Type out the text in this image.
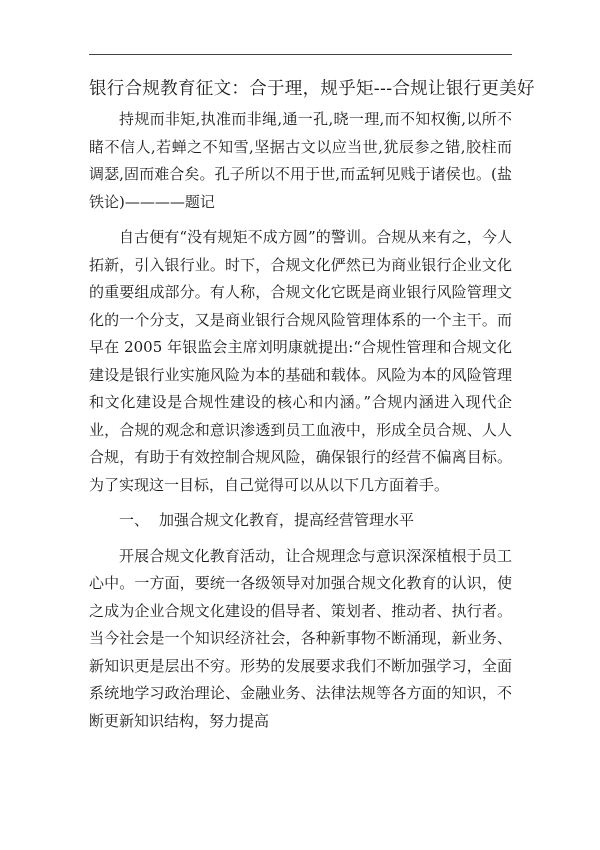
银行合规教育征文：合于理，规乎矩---合规让银行更美好

持规而非矩,执准而非绳,通一孔,晓一理,而不知权衡,以所不睹不信人,若蝉之不知雪,坚据古文以应当世,犹辰参之错,胶柱而调瑟,固而难合矣。孔子所以不用于世,而孟轲见贱于诸侯也。(盐铁论)————题记

自古便有“没有规矩不成方圆”的警训。合规从来有之，今人拓新，引入银行业。时下，合规文化俨然已为商业银行企业文化的重要组成部分。有人称，合规文化它既是商业银行风险管理文化的一个分支，又是商业银行合规风险管理体系的一个主干。而早在 2005 年银监会主席刘明康就提出:“合规性管理和合规文化建设是银行业实施风险为本的基础和载体。风险为本的风险管理和文化建设是合规性建设的核心和内涵。”合规内涵进入现代企业，合规的观念和意识渗透到员工血液中，形成全员合规、人人合规，有助于有效控制合规风险，确保银行的经营不偏离目标。为了实现这一目标，自己觉得可以从以下几方面着手。

一、 加强合规文化教育，提高经营管理水平

开展合规文化教育活动，让合规理念与意识深深植根于员工心中。一方面，要统一各级领导对加强合规文化教育的认识，使之成为企业合规文化建设的倡导者、策划者、推动者、执行者。当今社会是一个知识经济社会，各种新事物不断涌现，新业务、新知识更是层出不穷。形势的发展要求我们不断加强学习，全面系统地学习政治理论、金融业务、法律法规等各方面的知识，不断更新知识结构，努力提高
